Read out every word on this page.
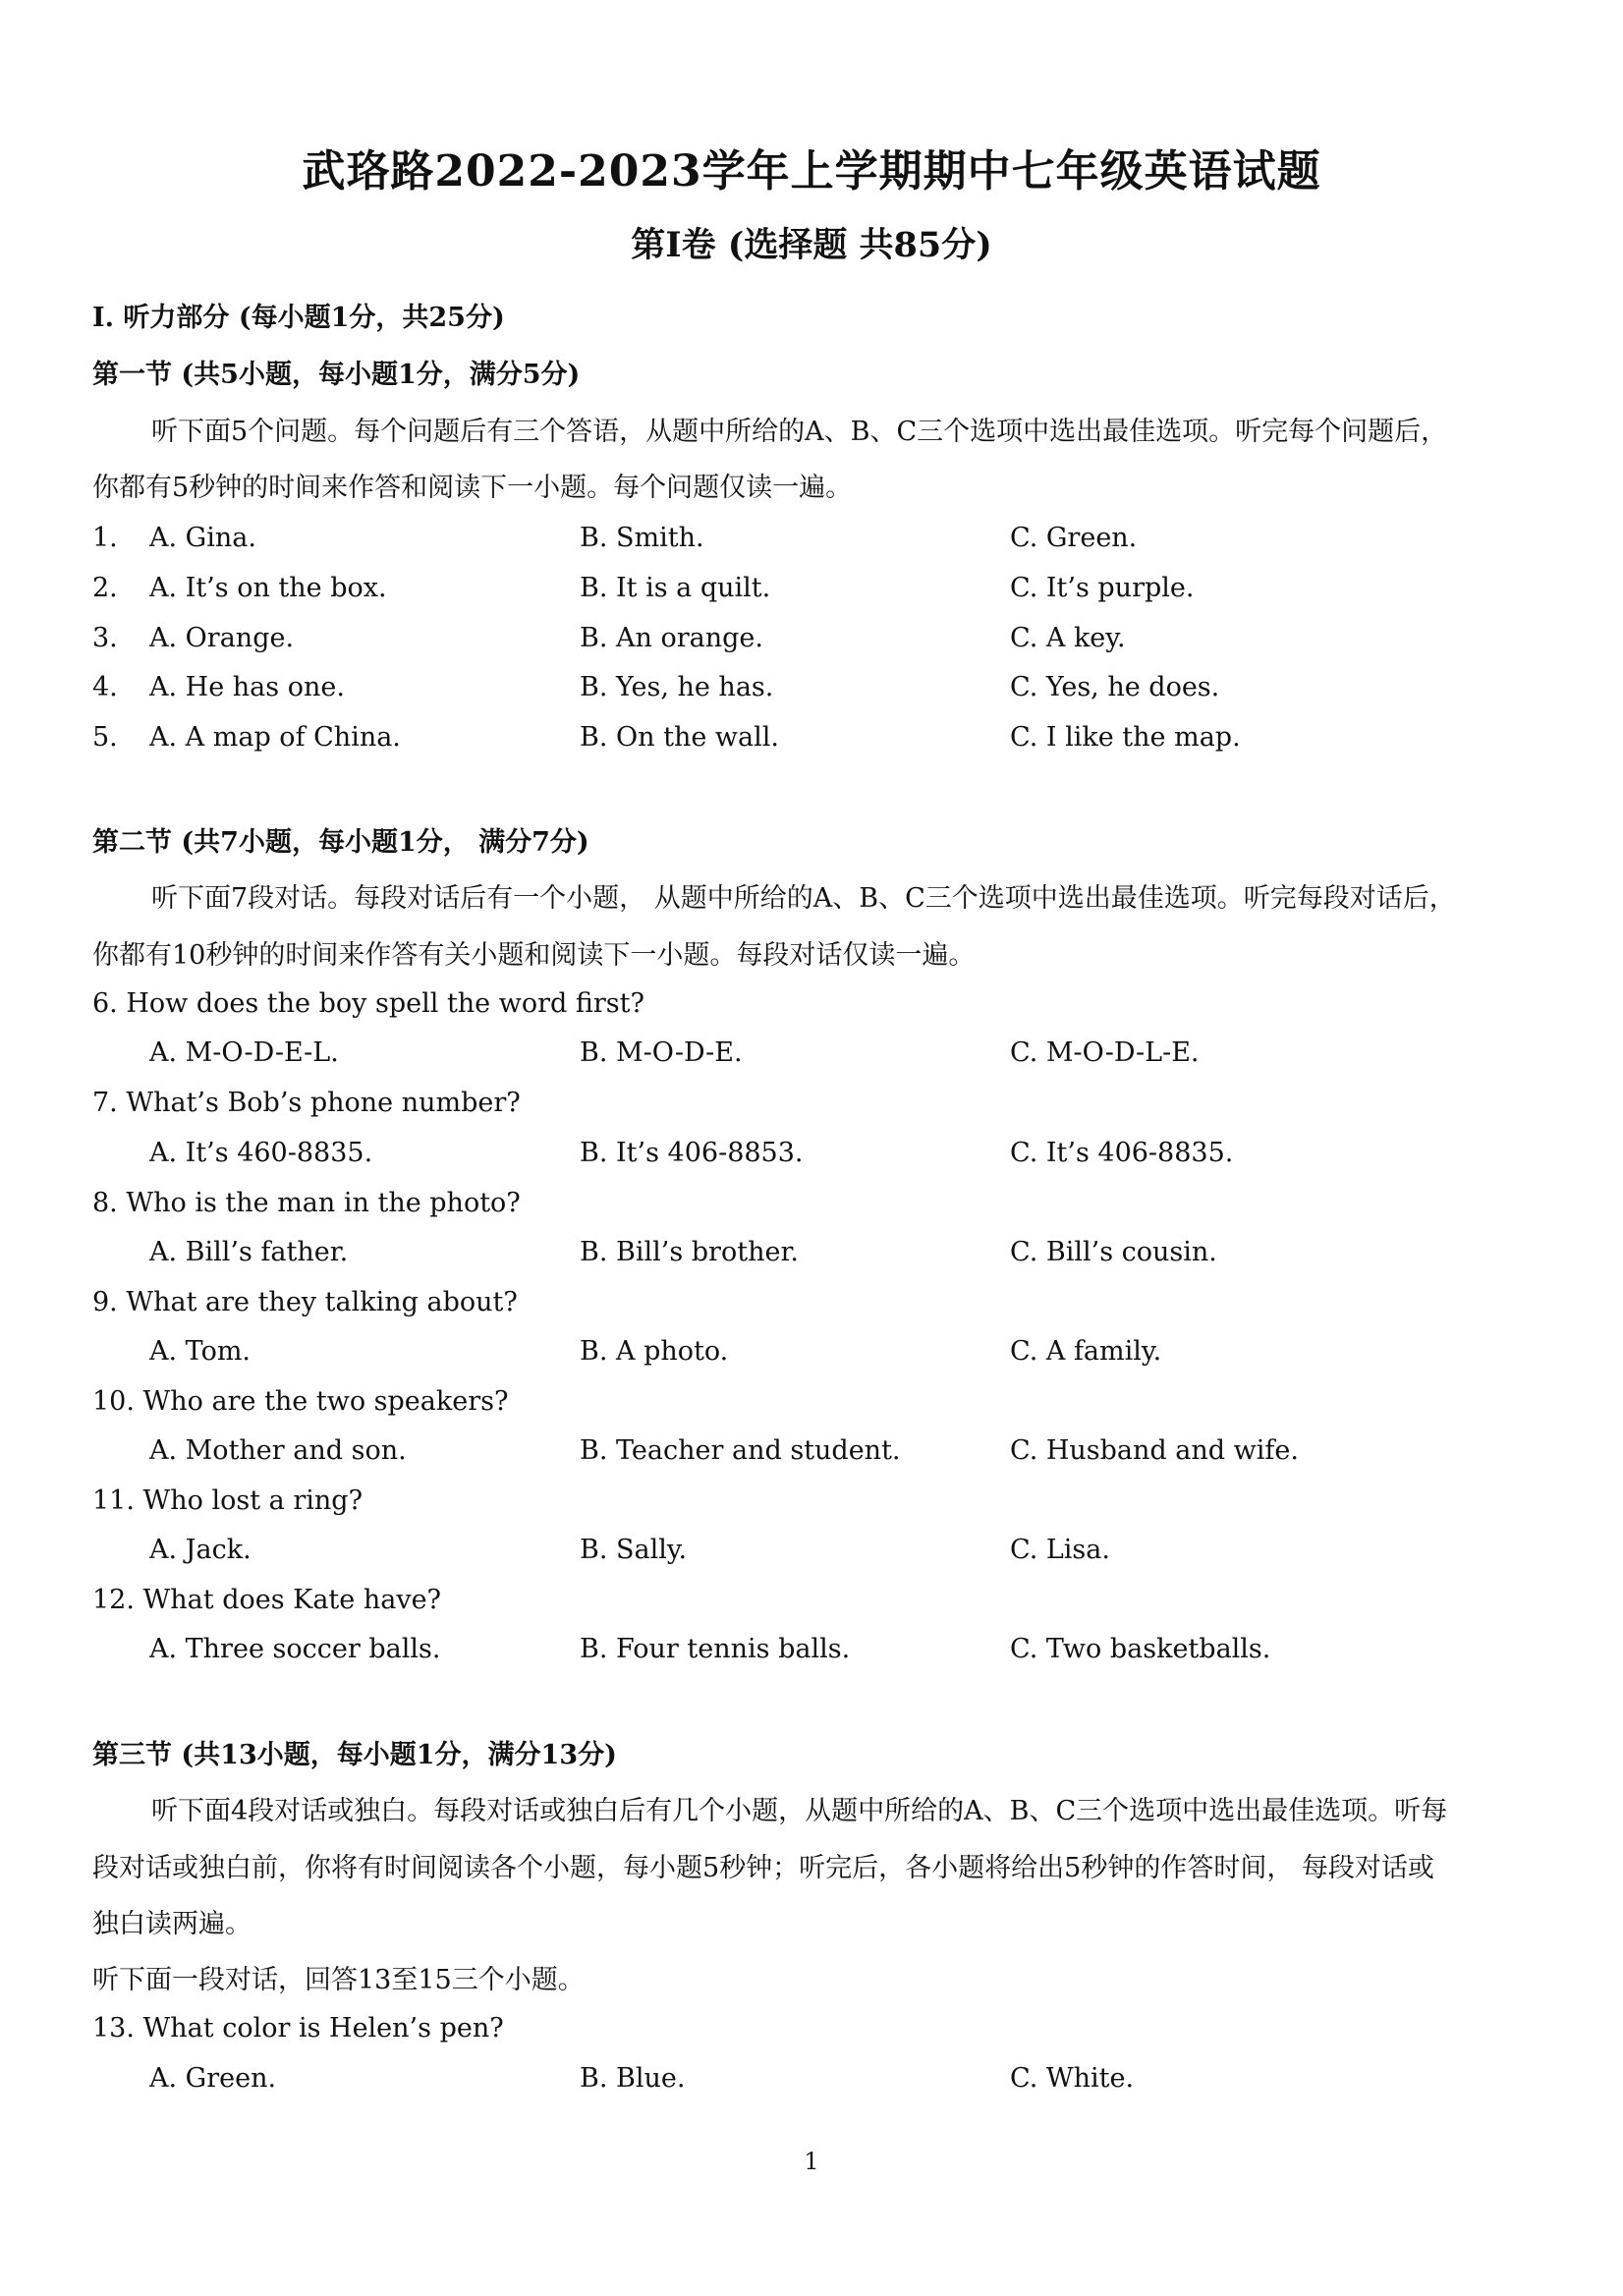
武珞路2022-2023学年上学期期中七年级英语试题
第I卷 (选择题 共85分)
Ⅰ. 听力部分 (每小题1分，共25分)
第一节 (共5小题，每小题1分，满分5分)
听下面5个问题。每个问题后有三个答语，从题中所给的A、B、C三个选项中选出最佳选项。听完每个问题后，
你都有5秒钟的时间来作答和阅读下一小题。每个问题仅读一遍。
1. A. Gina.	B. Smith.	C. Green.
2. A. It’s on the box.	B. It is a quilt.	C. It’s purple.
3. A. Orange.	B. An orange.	C. A key.
4. A. He has one.	B. Yes, he has.	C. Yes, he does.
5. A. A map of China.	B. On the wall.	C. I like the map.
第二节 (共7小题，每小题1分， 满分7分)
听下面7段对话。每段对话后有一个小题， 从题中所给的A、B、C三个选项中选出最佳选项。听完每段对话后，
你都有10秒钟的时间来作答有关小题和阅读下一小题。每段对话仅读一遍。
6. How does the boy spell the word first?
A. M-O-D-E-L.	B. M-O-D-E.	C. M-O-D-L-E.
7. What’s Bob’s phone number?
A. It’s 460-8835.	B. It’s 406-8853.	C. It’s 406-8835.
8. Who is the man in the photo?
A. Bill’s father.	B. Bill’s brother.	C. Bill’s cousin.
9. What are they talking about?
A. Tom.	B. A photo.	C. A family.
10. Who are the two speakers?
A. Mother and son.	B. Teacher and student.	C. Husband and wife.
11. Who lost a ring?
A. Jack.	B. Sally.	C. Lisa.
12. What does Kate have?
A. Three soccer balls.	B. Four tennis balls.	C. Two basketballs.
第三节 (共13小题，每小题1分，满分13分)
听下面4段对话或独白。每段对话或独白后有几个小题，从题中所给的A、B、C三个选项中选出最佳选项。听每
段对话或独白前，你将有时间阅读各个小题，每小题5秒钟；听完后，各小题将给出5秒钟的作答时间， 每段对话或
独白读两遍。
听下面一段对话，回答13至15三个小题。
13. What color is Helen’s pen?
A. Green.	B. Blue.	C. White.
1
